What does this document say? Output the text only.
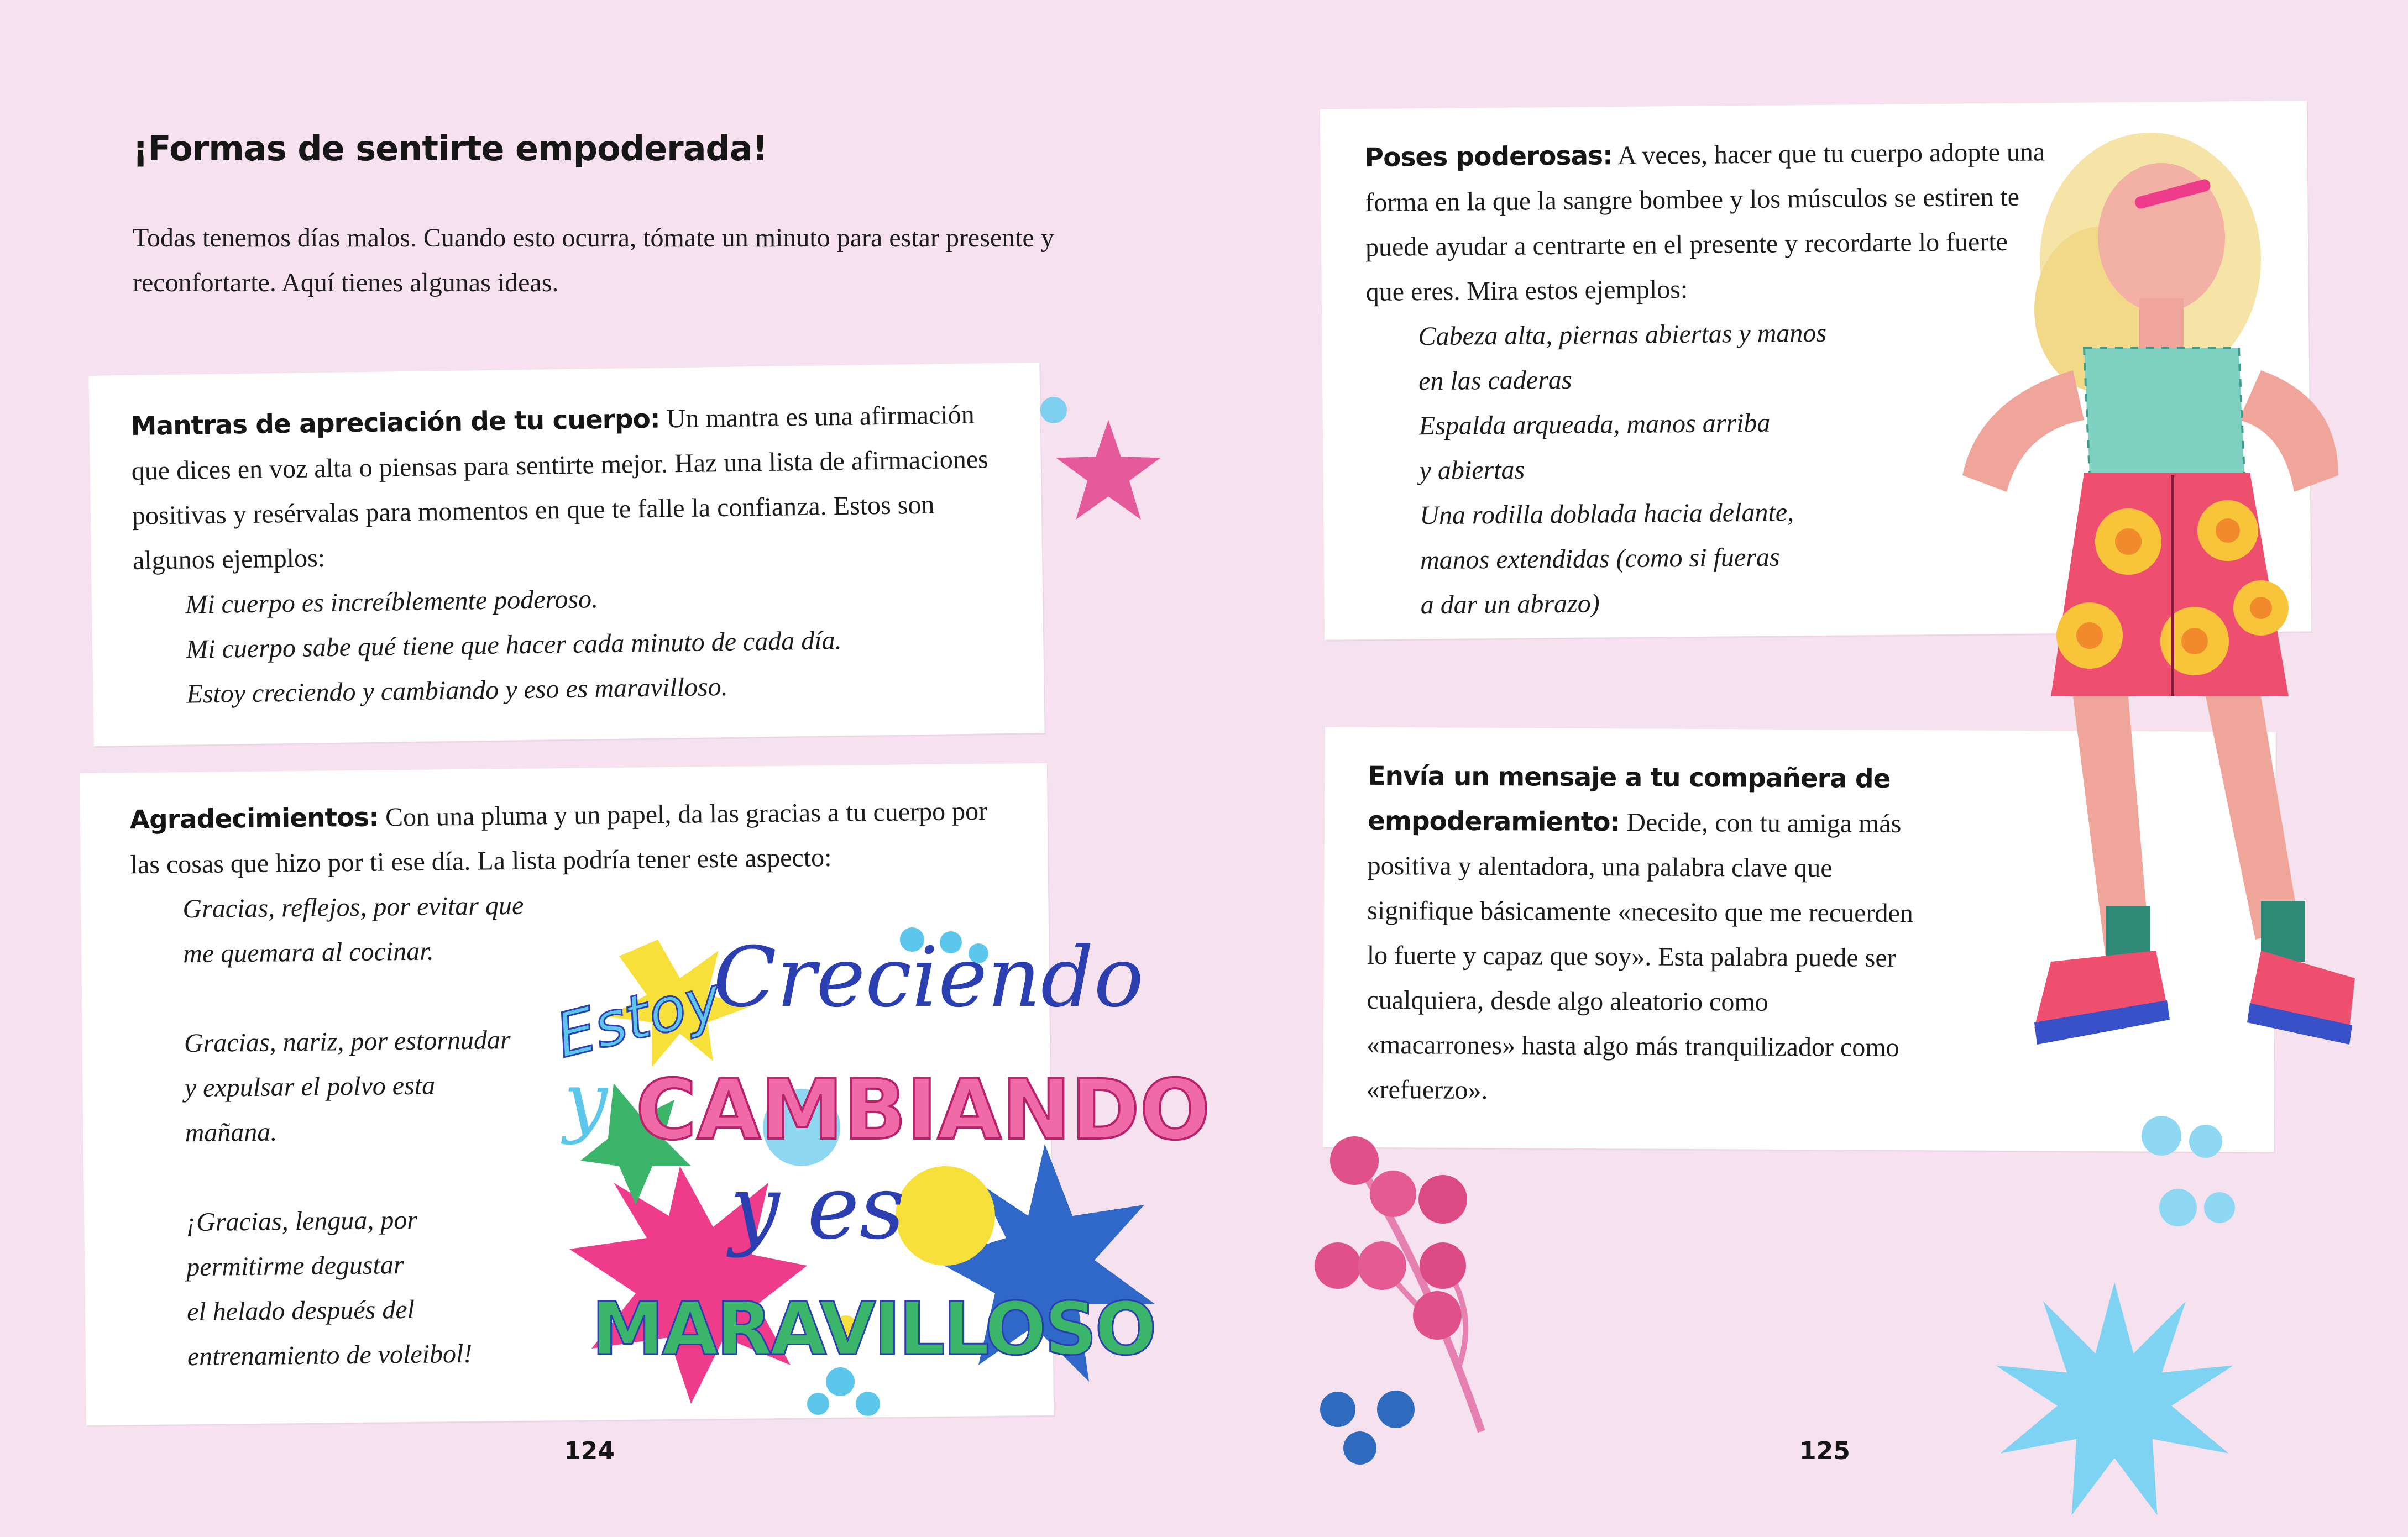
¡Formas de sentirte empoderada!

Todas tenemos días malos. Cuando esto ocurra, tómate un minuto para estar presente y reconfortarte. Aquí tienes algunas ideas.

Mantras de apreciación de tu cuerpo: Un mantra es una afirmación que dices en voz alta o piensas para sentirte mejor. Haz una lista de afirmaciones positivas y resérvalas para momentos en que te falle la confianza. Estos son algunos ejemplos:

Mi cuerpo es increíblemente poderoso.

Mi cuerpo sabe qué tiene que hacer cada minuto de cada día.

Estoy creciendo y cambiando y eso es maravilloso.

Agradecimientos: Con una pluma y un papel, da las gracias a tu cuerpo por las cosas que hizo por ti ese día. La lista podría tener este aspecto:

Gracias, reflejos, por evitar que

me quemara al cocinar.

Gracias, nariz, por estornudar

y expulsar el polvo esta

mañana.

¡Gracias, lengua, por

permitirme degustar

el helado después del

entrenamiento de voleibol!

Poses poderosas: A veces, hacer que tu cuerpo adopte una forma en la que la sangre bombee y los músculos se estiren te puede ayudar a centrarte en el presente y recordarte lo fuerte que eres. Mira estos ejemplos:

Cabeza alta, piernas abiertas y manos

en las caderas

Espalda arqueada, manos arriba

y abiertas

Una rodilla doblada hacia delante,

manos extendidas (como si fueras

a dar un abrazo)

Envía un mensaje a tu compañera de empoderamiento: Decide, con tu amiga más positiva y alentadora, una palabra clave que signifique básicamente «necesito que me recuerden lo fuerte y capaz que soy». Esta palabra puede ser cualquiera, desde algo aleatorio como «macarrones» hasta algo más tranquilizador como «refuerzo».
Estoy
Creciendo
y CAMBIANDO
y es
MARAVILLOSO
124	125
